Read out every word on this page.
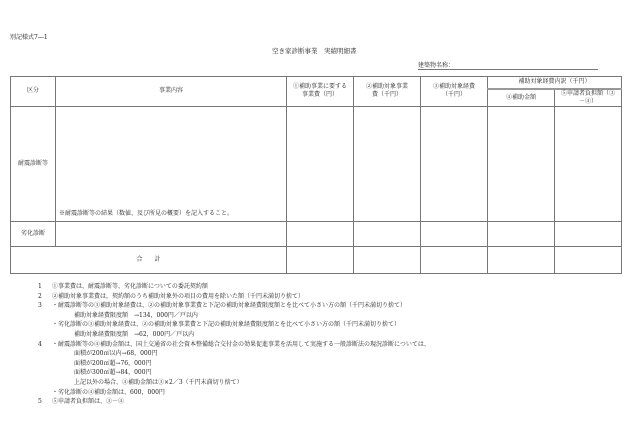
別記様式7―1
空き家診断事業　実績明細書
建築物名称：
区分	事業内容	①補助事業に要する事業費（円）	②補助対象事業費（千円）	③補助対象経費（千円）	補助対象経費内訳（千円）	
					④補助金額	⑤申請者負担額（③－④）
耐震診断等	※耐震診断等の結果（数値、及び所見の概要）を記入すること。					
劣化診断						
合　　計						
1 ①事業費は、耐震診断等、劣化診断についての委託契約額
2 ②補助対象事業費は，契約額のうち補助対象外の項目の費用を除いた額（千円未満切り捨て）
3 ・耐震診断等の③補助対象経費は、②の補助対象事業費と下記の補助対象経費限度額とを比べて小さい方の額（千円未満切り捨て）
補助対象経費限度額　→134，000円／戸以内
・劣化診断の③補助対象経費は、②の補助対象事業費と下記の補助対象経費限度額とを比べて小さい方の額（千円未満切り捨て）
補助対象経費限度額　→62，000円／戸以内
4 ・耐震診断等の④補助金額は、国土交通省の社会資本整備総合交付金の効果促進事業を活用して実施する一般診断法の現況診断については、
面積が200㎡以内→68，000円
面積が200㎡超→76，000円
面積が300㎡超→84，000円
上記以外の場合、④補助金額は③×2／3（千円未満切り捨て）
・劣化診断の④補助金額は、600，000円
5 ⑤申請者負担額は、③－④
